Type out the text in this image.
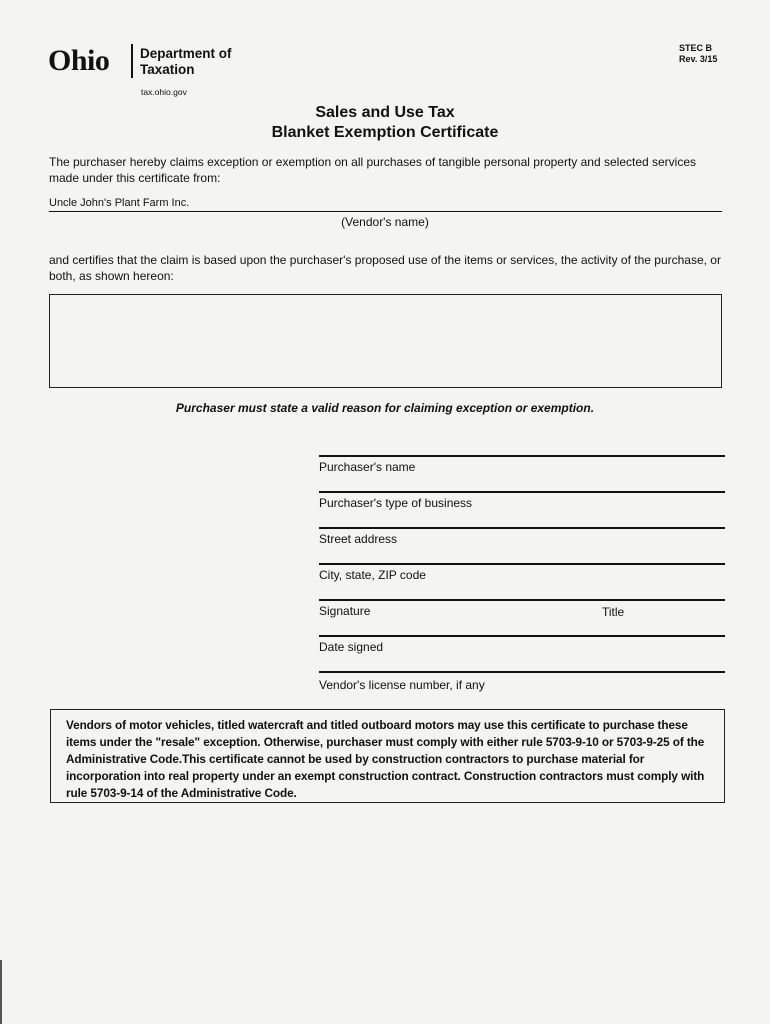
Ohio Department of
Taxation
tax.ohio.gov
STEC B
Rev. 3/15
Sales and Use Tax
Blanket Exemption Certificate
The purchaser hereby claims exception or exemption on all purchases of tangible personal property and selected services made under this certificate from:
Uncle John's Plant Farm Inc.
(Vendor's name)
and certifies that the claim is based upon the purchaser's proposed use of the items or services, the activity of the purchase, or both, as shown hereon:
Purchaser must state a valid reason for claiming exception or exemption.
Purchaser's name
Purchaser's type of business
Street address
City, state, ZIP code
Signature	Title
Date signed
Vendor's license number, if any
Vendors of motor vehicles, titled watercraft and titled outboard motors may use this certificate to purchase these items under the "resale" exception. Otherwise, purchaser must comply with either rule 5703-9-10 or 5703-9-25 of the Administrative Code.This certificate cannot be used by construction contractors to purchase material for incorporation into real property under an exempt construction contract. Construction contractors must comply with rule 5703-9-14 of the Administrative Code.
